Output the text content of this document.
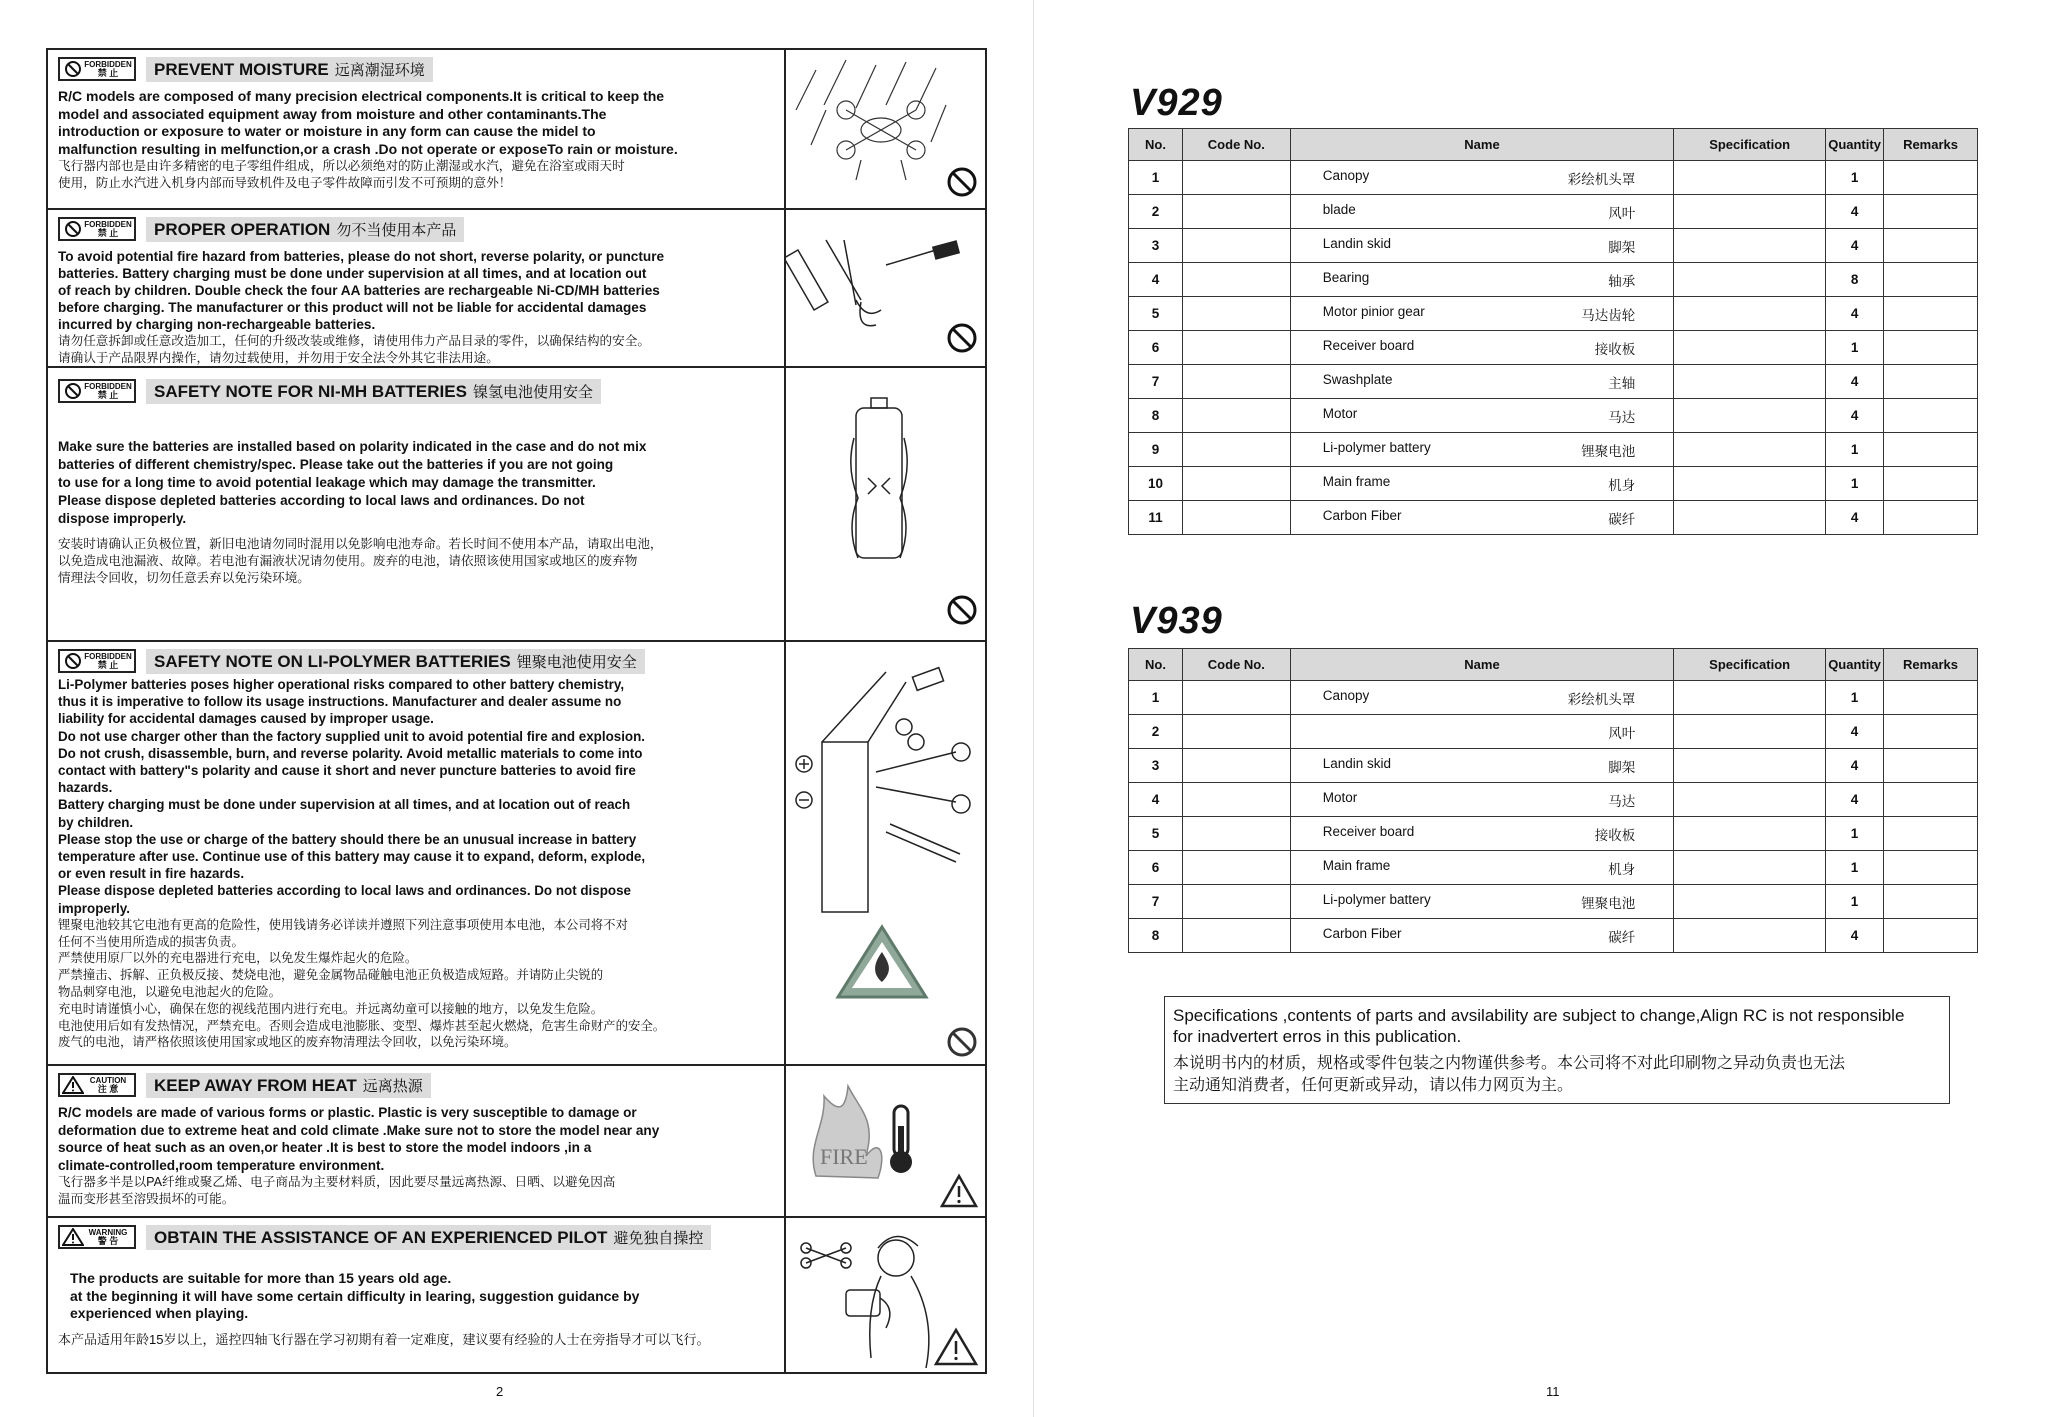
FORBIDDEN
禁 止	PREVENT MOISTURE 远离潮湿环境

R/C models are composed of many precision electrical components.It is critical to keep the
model and associated equipment away from moisture and other contaminants.The
introduction or exposure to water or moisture in any form can cause the midel to
malfunction resulting in melfunction,or a crash .Do not operate or exposeTo rain or moisture.

飞行器内部也是由许多精密的电子零组件组成，所以必须绝对的防止潮湿或水汽，避免在浴室或雨天时
使用，防止水汽进入机身内部而导致机件及电子零件故障而引发不可预期的意外！

FORBIDDEN
禁 止	PROPER OPERATION 勿不当使用本产品

To avoid potential fire hazard from batteries, please do not short, reverse polarity, or puncture
batteries. Battery charging must be done under supervision at all times, and at location out
of reach by children. Double check the four AA batteries are rechargeable Ni-CD/MH batteries
before charging. The manufacturer or this product will not be liable for accidental damages
incurred by charging non-rechargeable batteries.

请勿任意拆卸或任意改造加工，任何的升级改装或维修，请使用伟力产品目录的零件，以确保结构的安全。
请确认于产品限界内操作，请勿过载使用，并勿用于安全法令外其它非法用途。

FORBIDDEN
禁 止	SAFETY NOTE FOR NI-MH BATTERIES 镍氢电池使用安全

Make sure the batteries are installed based on polarity indicated in the case and do not mix
batteries of different chemistry/spec. Please take out the batteries if you are not going
to use for a long time to avoid potential leakage which may damage the transmitter.
Please dispose depleted batteries according to local laws and ordinances. Do not
dispose improperly.

安装时请确认正负极位置，新旧电池请勿同时混用以免影响电池寿命。若长时间不使用本产品，请取出电池，
以免造成电池漏液、故障。若电池有漏液状况请勿使用。废弃的电池，请依照该使用国家或地区的废弃物
情理法令回收，切勿任意丢弃以免污染环境。

FORBIDDEN
禁 止	SAFETY NOTE ON LI-POLYMER BATTERIES 锂聚电池使用安全

Li-Polymer batteries poses higher operational risks compared to other battery chemistry,
thus it is imperative to follow its usage instructions. Manufacturer and dealer assume no
liability for accidental damages caused by improper usage.
Do not use charger other than the factory supplied unit to avoid potential fire and explosion.
Do not crush, disassemble, burn, and reverse polarity. Avoid metallic materials to come into
contact with battery"s polarity and cause it short and never puncture batteries to avoid fire
hazards.
Battery charging must be done under supervision at all times, and at location out of reach
by children.
Please stop the use or charge of the battery should there be an unusual increase in battery
temperature after use. Continue use of this battery may cause it to expand, deform, explode,
or even result in fire hazards.
Please dispose depleted batteries according to local laws and ordinances. Do not dispose
improperly.

锂聚电池较其它电池有更高的危险性，使用钱请务必详读并遵照下列注意事项使用本电池，本公司将不对
任何不当使用所造成的损害负责。
严禁使用原厂以外的充电器进行充电，以免发生爆炸起火的危险。
严禁撞击、拆解、正负极反接、焚烧电池，避免金属物品碰触电池正负极造成短路。并请防止尖锐的
物品刺穿电池，以避免电池起火的危险。
充电时请谨慎小心，确保在您的视线范围内进行充电。并远离幼童可以接触的地方，以免发生危险。
电池使用后如有发热情况，严禁充电。否则会造成电池膨胀、变型、爆炸甚至起火燃烧，危害生命财产的安全。
废气的电池，请严格依照该使用国家或地区的废弃物清理法令回收，以免污染环境。

CAUTION
注 意	KEEP AWAY FROM HEAT 远离热源

R/C models are made of various forms or plastic. Plastic is very susceptible to damage or
deformation due to extreme heat and cold climate .Make sure not to store the model near any
source of heat such as an oven,or heater .It is best to store the model indoors ,in a
climate-controlled,room temperature environment.

飞行器多半是以PA纤维或聚乙烯、电子商品为主要材料质，因此要尽量远离热源、日晒、以避免因高
温而变形甚至溶毁损坏的可能。

FIRE
WARNING
警 告	OBTAIN THE ASSISTANCE OF AN EXPERIENCED PILOT 避免独自操控

The products are suitable for more than 15 years old age.
at the beginning it will have some certain difficulty in learing, suggestion guidance by
experienced when playing.

本产品适用年龄15岁以上，遥控四轴飞行器在学习初期有着一定难度，建议要有经验的人士在旁指导才可以飞行。

2
V929
No.	Code No.	Name	Specification	Quantity	Remarks
1		Canopy 彩绘机头罩		1	
2		blade 风叶		4	
3		Landin skid 脚架		4	
4		Bearing 轴承		8	
5		Motor pinior gear 马达齿轮		4	
6		Receiver board 接收板		1	
7		Swashplate 主轴		4	
8		Motor 马达		4	
9		Li-polymer battery 锂聚电池		1	
10		Main frame 机身		1	
11		Carbon Fiber 碳纤		4	
V939
No.	Code No.	Name	Specification	Quantity	Remarks
1		Canopy 彩绘机头罩		1	
2		风叶		4	
3		Landin skid 脚架		4	
4		Motor 马达		4	
5		Receiver board 接收板		1	
6		Main frame 机身		1	
7		Li-polymer battery 锂聚电池		1	
8		Carbon Fiber 碳纤		4	

Specifications ,contents of parts and avsilability are subject to change,Align RC is not responsible
for inadvertert erros in this publication.

本说明书内的材质，规格或零件包装之内物谨供参考。本公司将不对此印刷物之异动负责也无法
主动通知消费者，任何更新或异动，请以伟力网页为主。

11
